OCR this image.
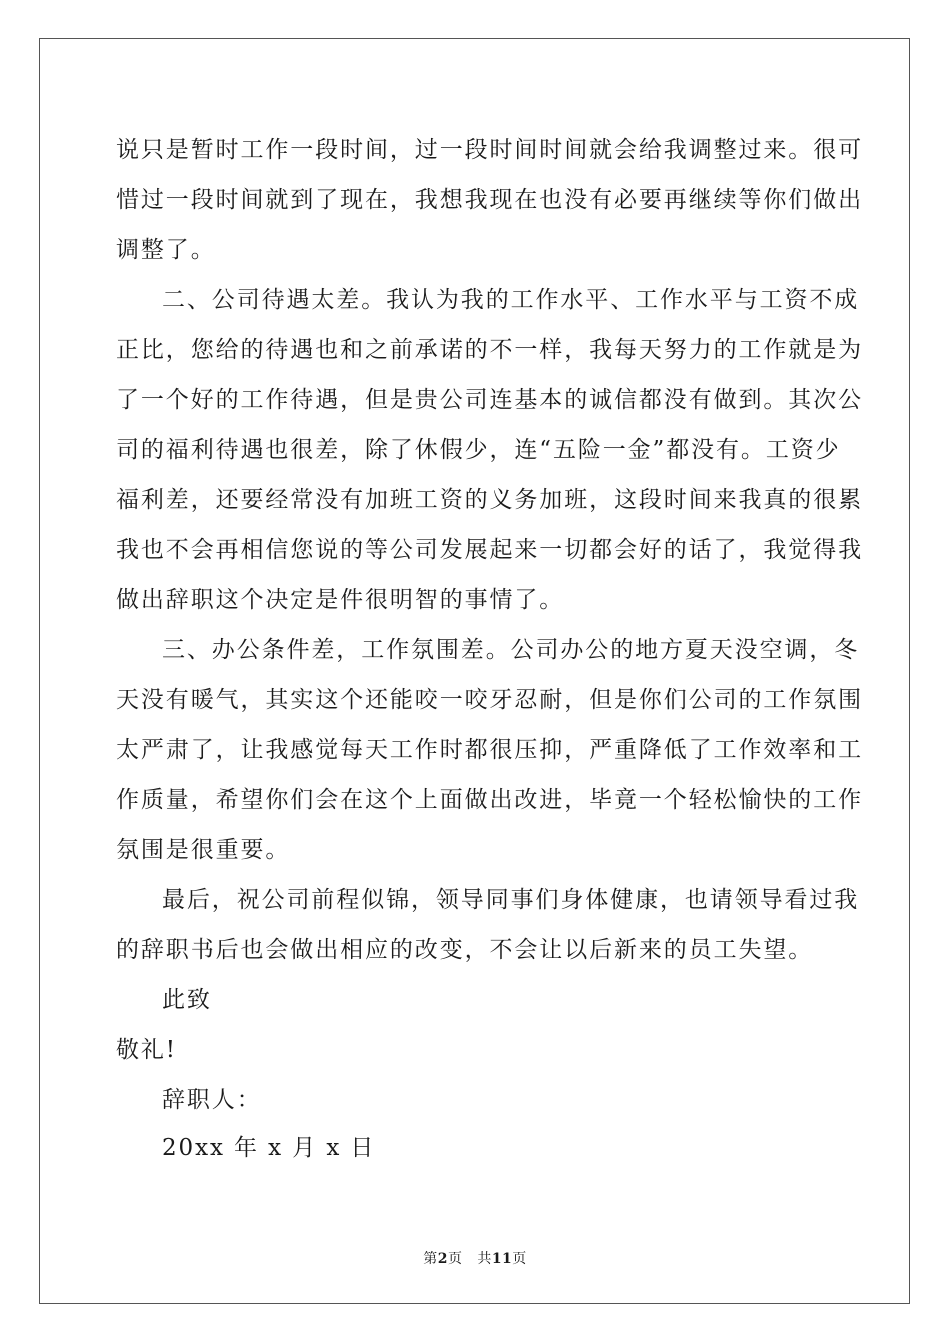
说只是暂时工作一段时间，过一段时间时间就会给我调整过来。很可
惜过一段时间就到了现在，我想我现在也没有必要再继续等你们做出
调整了。
二、公司待遇太差。我认为我的工作水平、工作水平与工资不成
正比，您给的待遇也和之前承诺的不一样，我每天努力的工作就是为
了一个好的工作待遇，但是贵公司连基本的诚信都没有做到。其次公
司的福利待遇也很差，除了休假少，连“五险一金”都没有。工资少
福利差，还要经常没有加班工资的义务加班，这段时间来我真的很累
我也不会再相信您说的等公司发展起来一切都会好的话了，我觉得我
做出辞职这个决定是件很明智的事情了。
三、办公条件差，工作氛围差。公司办公的地方夏天没空调，冬
天没有暖气，其实这个还能咬一咬牙忍耐，但是你们公司的工作氛围
太严肃了，让我感觉每天工作时都很压抑，严重降低了工作效率和工
作质量，希望你们会在这个上面做出改进，毕竟一个轻松愉快的工作
氛围是很重要。
最后，祝公司前程似锦，领导同事们身体健康，也请领导看过我
的辞职书后也会做出相应的改变，不会让以后新来的员工失望。
此致
敬礼!
辞职人：
20xx 年 x 月 x 日
第2页 共11页
